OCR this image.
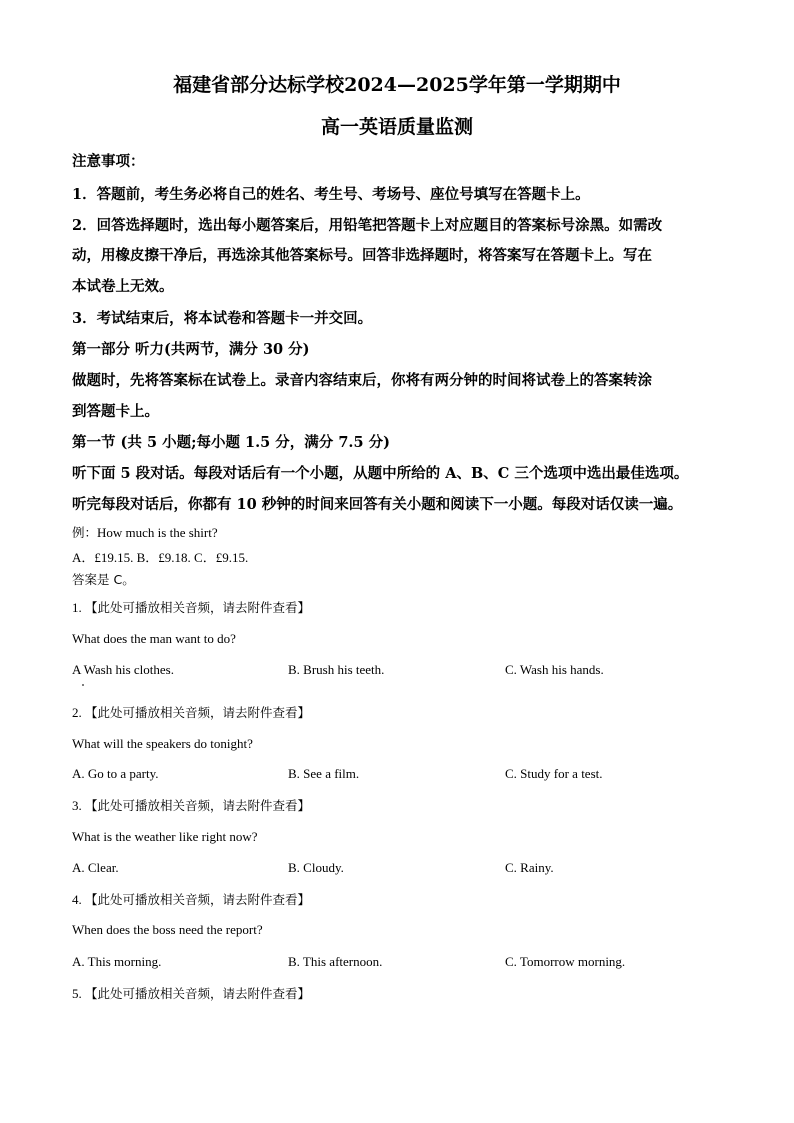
福建省部分达标学校2024—2025学年第一学期期中
高一英语质量监测
注意事项：
1．答题前，考生务必将自己的姓名、考生号、考场号、座位号填写在答题卡上。
2．回答选择题时，选出每小题答案后，用铅笔把答题卡上对应题目的答案标号涂黑。如需改
动，用橡皮擦干净后，再选涂其他答案标号。回答非选择题时，将答案写在答题卡上。写在
本试卷上无效。
3．考试结束后，将本试卷和答题卡一并交回。
第一部分 听力(共两节，满分 30 分)
做题时，先将答案标在试卷上。录音内容结束后，你将有两分钟的时间将试卷上的答案转涂
到答题卡上。
第一节 (共 5 小题;每小题 1.5 分，满分 7.5 分)
听下面 5 段对话。每段对话后有一个小题，从题中所给的 A、B、C 三个选项中选出最佳选项。
听完每段对话后，你都有 10 秒钟的时间来回答有关小题和阅读下一小题。每段对话仅读一遍。
例：How much is the shirt?
A．£19.15. B．£9.18. C．£9.15.
答案是 C。
1. 【此处可播放相关音频，请去附件查看】
What does the man want to do?
A Wash his clothes.	B. Brush his teeth.	C. Wash his hands.
2. 【此处可播放相关音频，请去附件查看】
What will the speakers do tonight?
A. Go to a party.	B. See a film.	C. Study for a test.
3. 【此处可播放相关音频，请去附件查看】
What is the weather like right now?
A. Clear.	B. Cloudy.	C. Rainy.
4. 【此处可播放相关音频，请去附件查看】
When does the boss need the report?
A. This morning.	B. This afternoon.	C. Tomorrow morning.
5. 【此处可播放相关音频，请去附件查看】
